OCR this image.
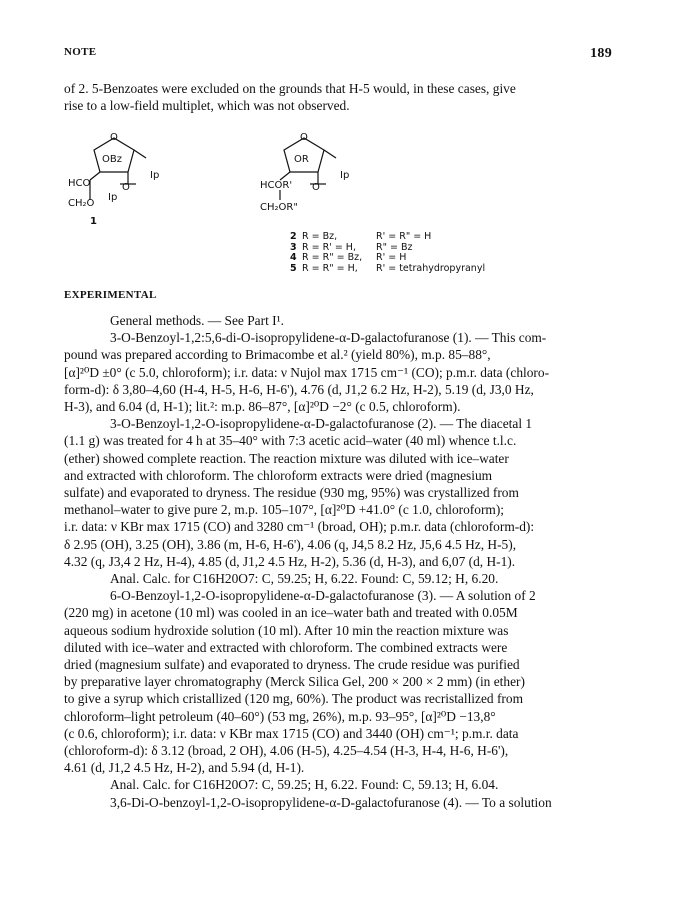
NOTE	189
of 2. 5-Benzoates were excluded on the grounds that H-5 would, in these cases, give
rise to a low-field multiplet, which was not observed.
O
OBz
O
Ip
HCO
CH₂O
Ip
1
O
OR
O
Ip
HCOR'
CH₂OR"
2 R = Bz,	R' = R" = H
3 R = R' = H, R" = Bz
4 R = R" = Bz, R' = H
5 R = R" = H, R' = tetrahydropyranyl
EXPERIMENTAL
General methods. — See Part I¹.
3-O-Benzoyl-1,2:5,6-di-O-isopropylidene-α-D-galactofuranose (1). — This com-
pound was prepared according to Brimacombe et al.² (yield 80%), m.p. 85–88°,
[α]²⁰D ±0° (c 5.0, chloroform); i.r. data: ν Nujol max 1715 cm⁻¹ (CO); p.m.r. data (chloro-
form-d): δ 3,80–4,60 (H-4, H-5, H-6, H-6'), 4.76 (d, J1,2 6.2 Hz, H-2), 5.19 (d, J3,0 Hz,
H-3), and 6.04 (d, H-1); lit.²: m.p. 86–87°, [α]²⁰D −2° (c 0.5, chloroform).
3-O-Benzoyl-1,2-O-isopropylidene-α-D-galactofuranose (2). — The diacetal 1
(1.1 g) was treated for 4 h at 35–40° with 7:3 acetic acid–water (40 ml) whence t.l.c.
(ether) showed complete reaction. The reaction mixture was diluted with ice–water
and extracted with chloroform. The chloroform extracts were dried (magnesium
sulfate) and evaporated to dryness. The residue (930 mg, 95%) was crystallized from
methanol–water to give pure 2, m.p. 105–107°, [α]²⁰D +41.0° (c 1.0, chloroform);
i.r. data: ν KBr max 1715 (CO) and 3280 cm⁻¹ (broad, OH); p.m.r. data (chloroform-d):
δ 2.95 (OH), 3.25 (OH), 3.86 (m, H-6, H-6'), 4.06 (q, J4,5 8.2 Hz, J5,6 4.5 Hz, H-5),
4.32 (q, J3,4 2 Hz, H-4), 4.85 (d, J1,2 4.5 Hz, H-2), 5.36 (d, H-3), and 6,07 (d, H-1).
Anal. Calc. for C16H20O7: C, 59.25; H, 6.22. Found: C, 59.12; H, 6.20.
6-O-Benzoyl-1,2-O-isopropylidene-α-D-galactofuranose (3). — A solution of 2
(220 mg) in acetone (10 ml) was cooled in an ice–water bath and treated with 0.05M
aqueous sodium hydroxide solution (10 ml). After 10 min the reaction mixture was
diluted with ice–water and extracted with chloroform. The combined extracts were
dried (magnesium sulfate) and evaporated to dryness. The crude residue was purified
by preparative layer chromatography (Merck Silica Gel, 200 × 200 × 2 mm) (in ether)
to give a syrup which cristallized (120 mg, 60%). The product was recristallized from
chloroform–light petroleum (40–60°) (53 mg, 26%), m.p. 93–95°, [α]²⁰D −13,8°
(c 0.6, chloroform); i.r. data: ν KBr max 1715 (CO) and 3440 (OH) cm⁻¹; p.m.r. data
(chloroform-d): δ 3.12 (broad, 2 OH), 4.06 (H-5), 4.25–4.54 (H-3, H-4, H-6, H-6'),
4.61 (d, J1,2 4.5 Hz, H-2), and 5.94 (d, H-1).
Anal. Calc. for C16H20O7: C, 59.25; H, 6.22. Found: C, 59.13; H, 6.04.
3,6-Di-O-benzoyl-1,2-O-isopropylidene-α-D-galactofuranose (4). — To a solution
